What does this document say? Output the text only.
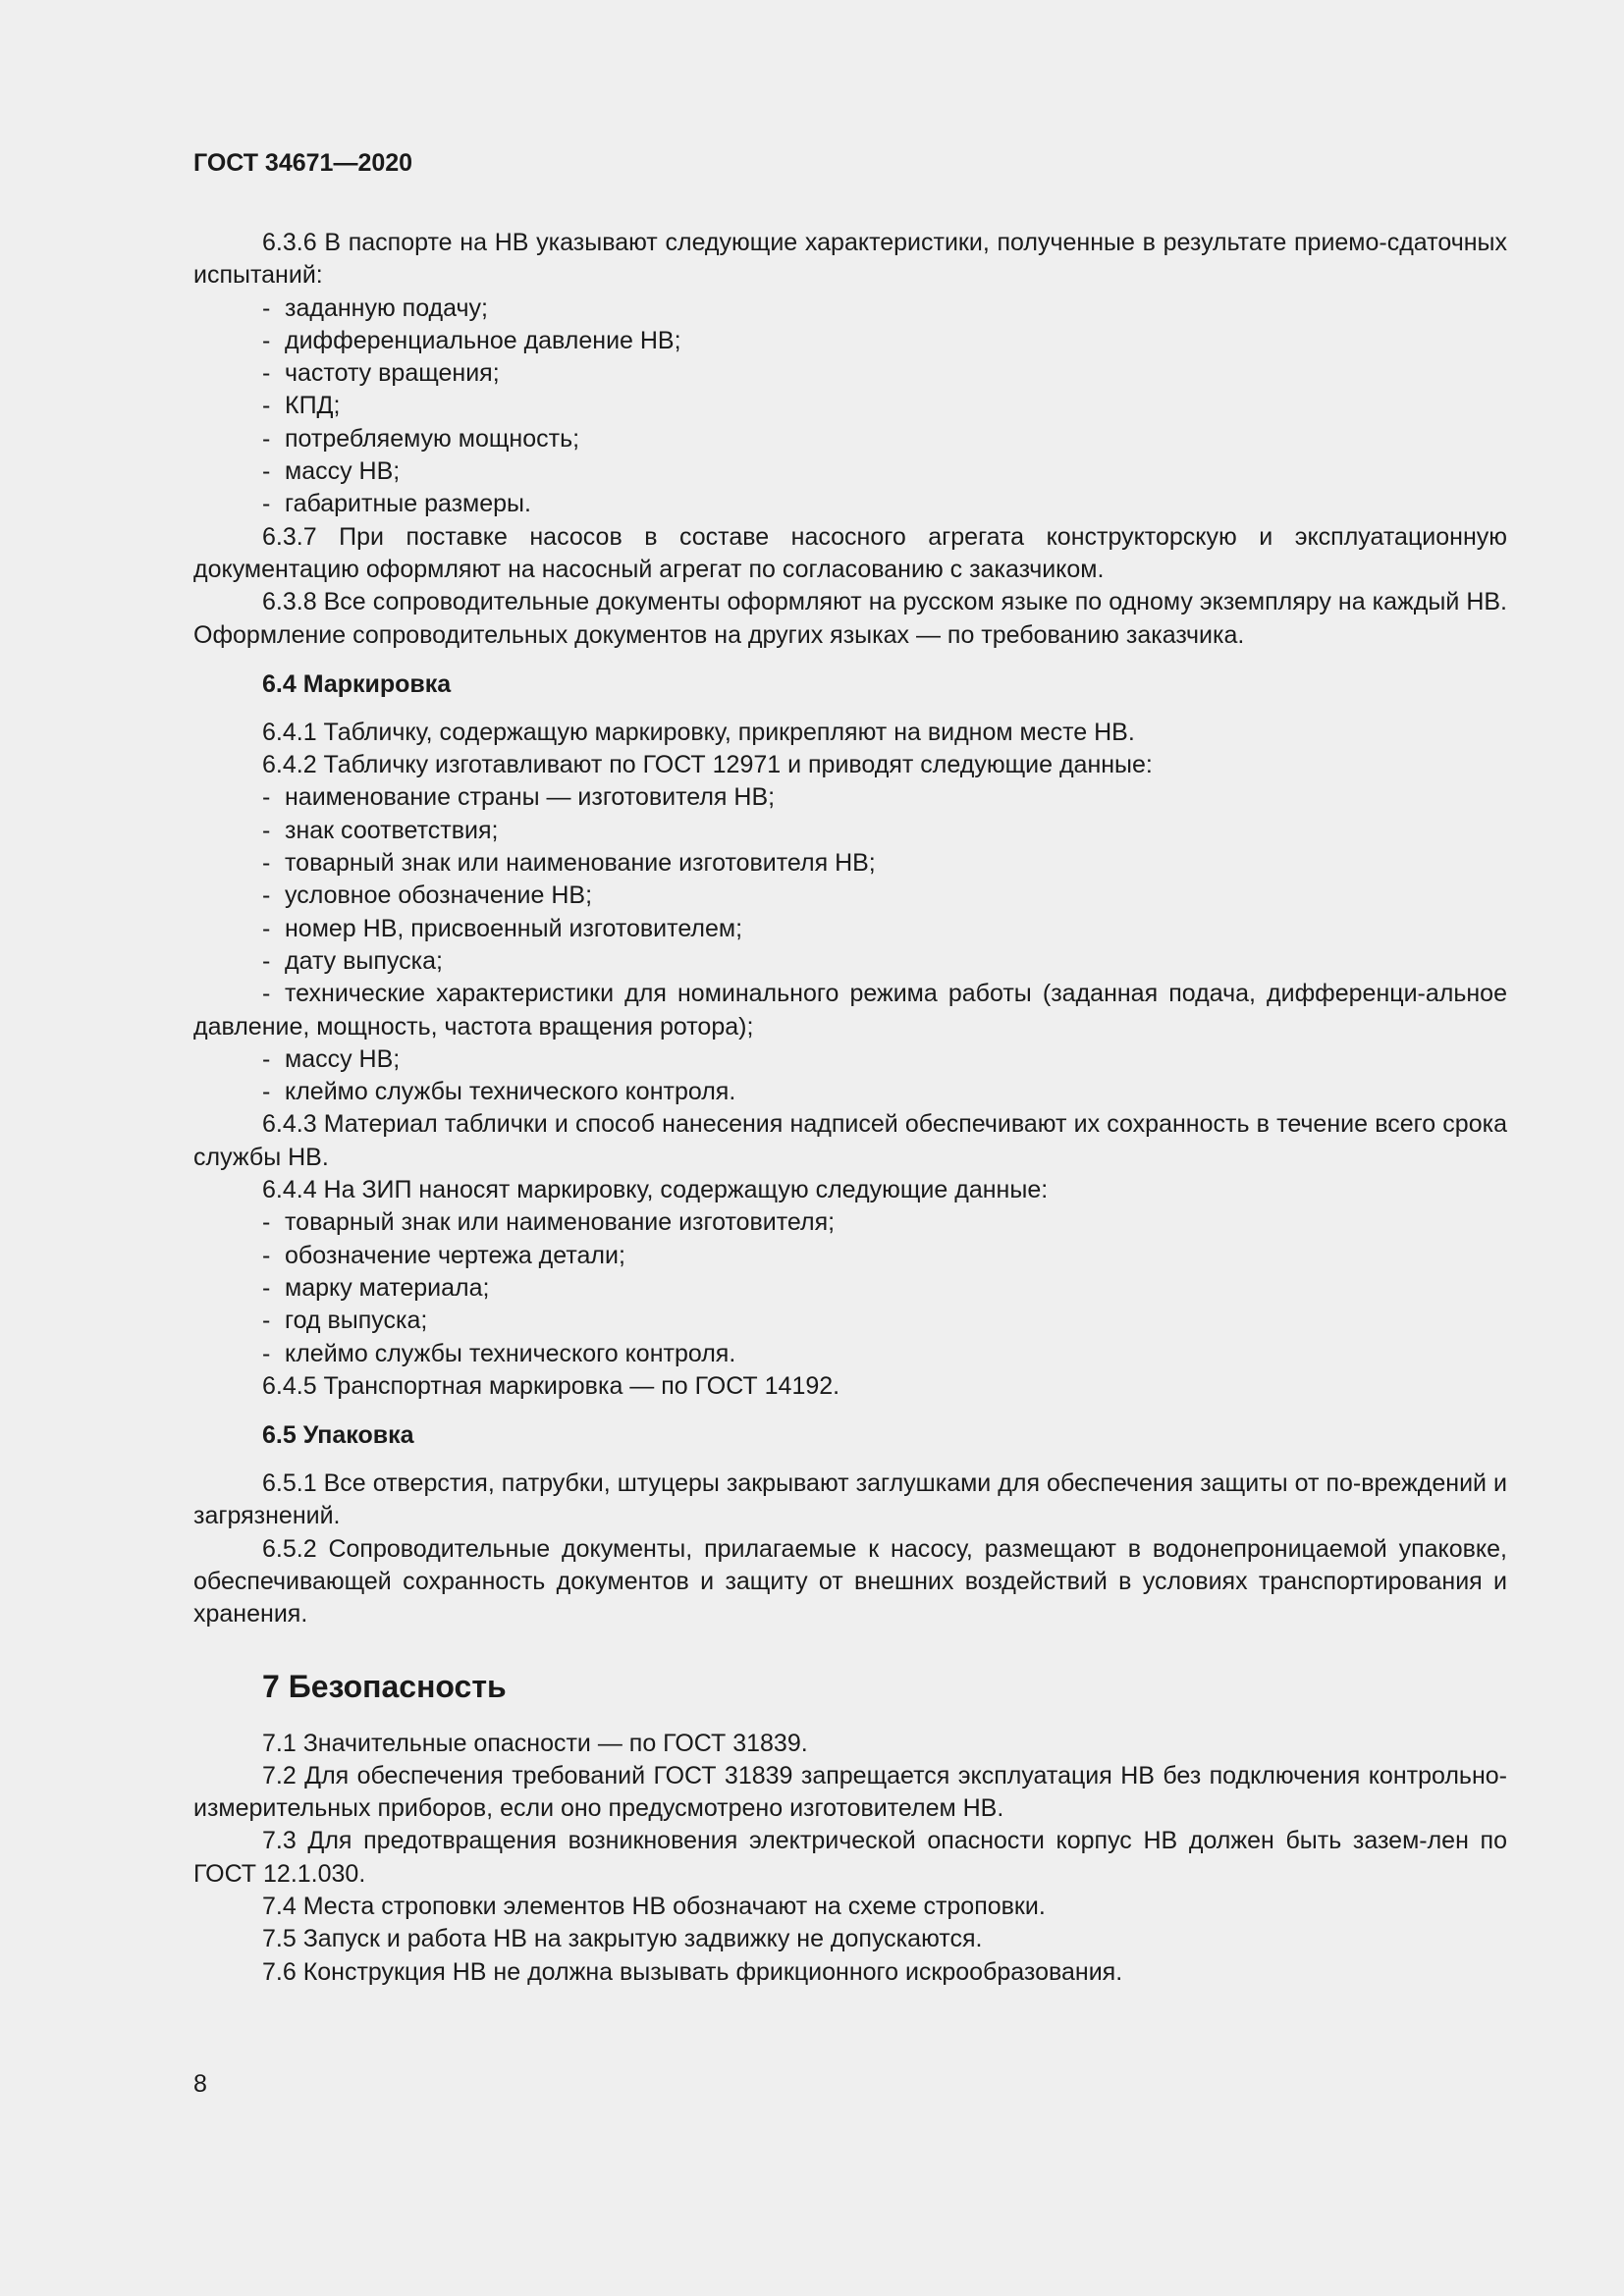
ГОСТ 34671—2020
6.3.6 В паспорте на НВ указывают следующие характеристики, полученные в результате приемо-сдаточных испытаний:
- заданную подачу;
- дифференциальное давление НВ;
- частоту вращения;
- КПД;
- потребляемую мощность;
- массу НВ;
- габаритные размеры.
6.3.7 При поставке насосов в составе насосного агрегата конструкторскую и эксплуатационную документацию оформляют на насосный агрегат по согласованию с заказчиком.
6.3.8 Все сопроводительные документы оформляют на русском языке по одному экземпляру на каждый НВ. Оформление сопроводительных документов на других языках — по требованию заказчика.
6.4 Маркировка
6.4.1 Табличку, содержащую маркировку, прикрепляют на видном месте НВ.
6.4.2 Табличку изготавливают по ГОСТ 12971 и приводят следующие данные:
- наименование страны — изготовителя НВ;
- знак соответствия;
- товарный знак или наименование изготовителя НВ;
- условное обозначение НВ;
- номер НВ, присвоенный изготовителем;
- дату выпуска;
- технические характеристики для номинального режима работы (заданная подача, дифференци-альное давление, мощность, частота вращения ротора);
- массу НВ;
- клеймо службы технического контроля.
6.4.3 Материал таблички и способ нанесения надписей обеспечивают их сохранность в течение всего срока службы НВ.
6.4.4 На ЗИП наносят маркировку, содержащую следующие данные:
- товарный знак или наименование изготовителя;
- обозначение чертежа детали;
- марку материала;
- год выпуска;
- клеймо службы технического контроля.
6.4.5 Транспортная маркировка — по ГОСТ 14192.
6.5 Упаковка
6.5.1 Все отверстия, патрубки, штуцеры закрывают заглушками для обеспечения защиты от по-вреждений и загрязнений.
6.5.2 Сопроводительные документы, прилагаемые к насосу, размещают в водонепроницаемой упаковке, обеспечивающей сохранность документов и защиту от внешних воздействий в условиях транспортирования и хранения.
7 Безопасность
7.1 Значительные опасности — по ГОСТ 31839.
7.2 Для обеспечения требований ГОСТ 31839 запрещается эксплуатация НВ без подключения контрольно-измерительных приборов, если оно предусмотрено изготовителем НВ.
7.3 Для предотвращения возникновения электрической опасности корпус НВ должен быть зазем-лен по ГОСТ 12.1.030.
7.4 Места строповки элементов НВ обозначают на схеме строповки.
7.5 Запуск и работа НВ на закрытую задвижку не допускаются.
7.6 Конструкция НВ не должна вызывать фрикционного искрообразования.
8
